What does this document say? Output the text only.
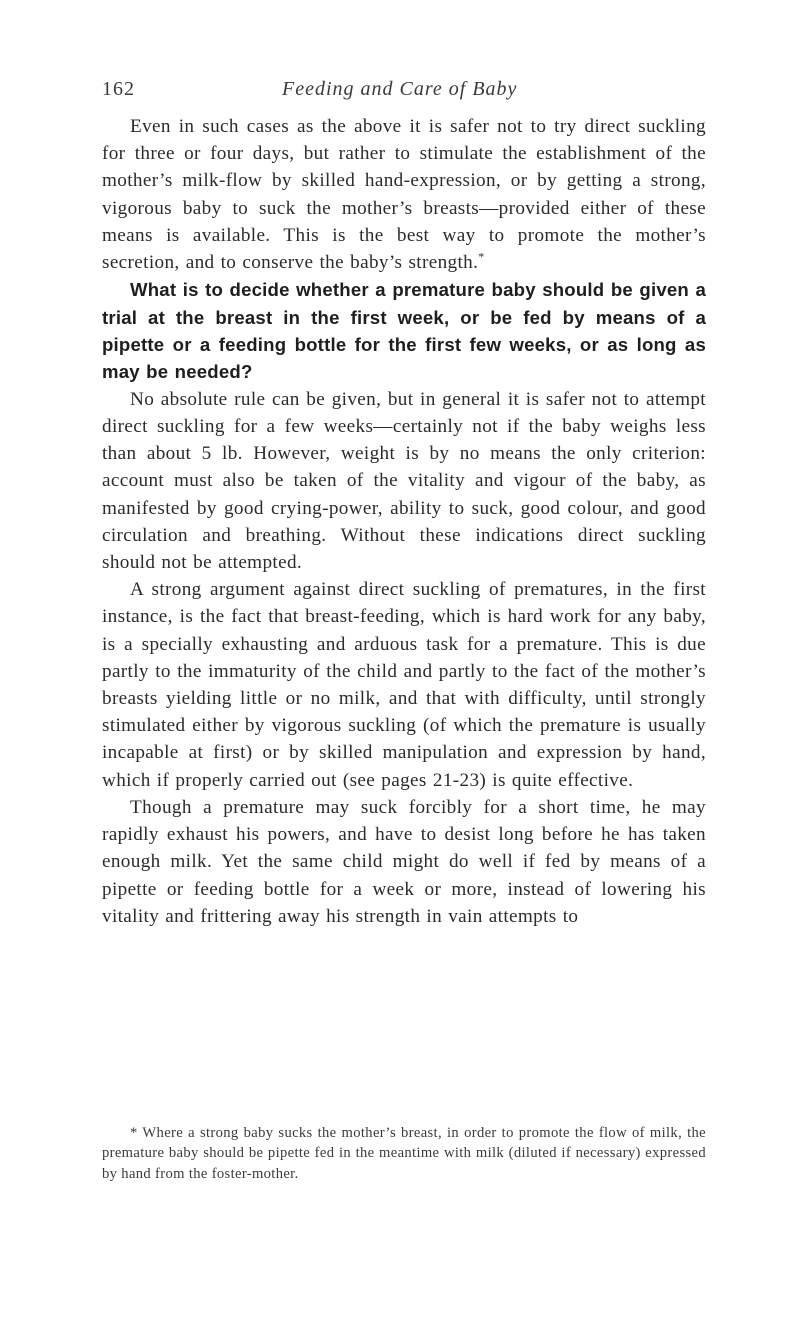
162	Feeding and Care of Baby

Even in such cases as the above it is safer not to try direct suckling for three or four days, but rather to stimulate the establishment of the mother’s milk-flow by skilled hand-expression, or by getting a strong, vigorous baby to suck the mother’s breasts—provided either of these means is available. This is the best way to promote the mother’s secretion, and to conserve the baby’s strength.*

What is to decide whether a premature baby should be given a trial at the breast in the first week, or be fed by means of a pipette or a feeding bottle for the first few weeks, or as long as may be needed?

No absolute rule can be given, but in general it is safer not to attempt direct suckling for a few weeks—certainly not if the baby weighs less than about 5 lb. However, weight is by no means the only criterion: account must also be taken of the vitality and vigour of the baby, as manifested by good crying-power, ability to suck, good colour, and good circulation and breathing. Without these indications direct suckling should not be attempted.

A strong argument against direct suckling of prematures, in the first instance, is the fact that breast-feeding, which is hard work for any baby, is a specially exhausting and arduous task for a premature. This is due partly to the immaturity of the child and partly to the fact of the mother’s breasts yielding little or no milk, and that with difficulty, until strongly stimulated either by vigorous suckling (of which the premature is usually incapable at first) or by skilled manipulation and expression by hand, which if properly carried out (see pages 21-23) is quite effective.

Though a premature may suck forcibly for a short time, he may rapidly exhaust his powers, and have to desist long before he has taken enough milk. Yet the same child might do well if fed by means of a pipette or feeding bottle for a week or more, instead of lowering his vitality and frittering away his strength in vain attempts to

* Where a strong baby sucks the mother’s breast, in order to promote the flow of milk, the premature baby should be pipette fed in the meantime with milk (diluted if necessary) expressed by hand from the foster-mother.
